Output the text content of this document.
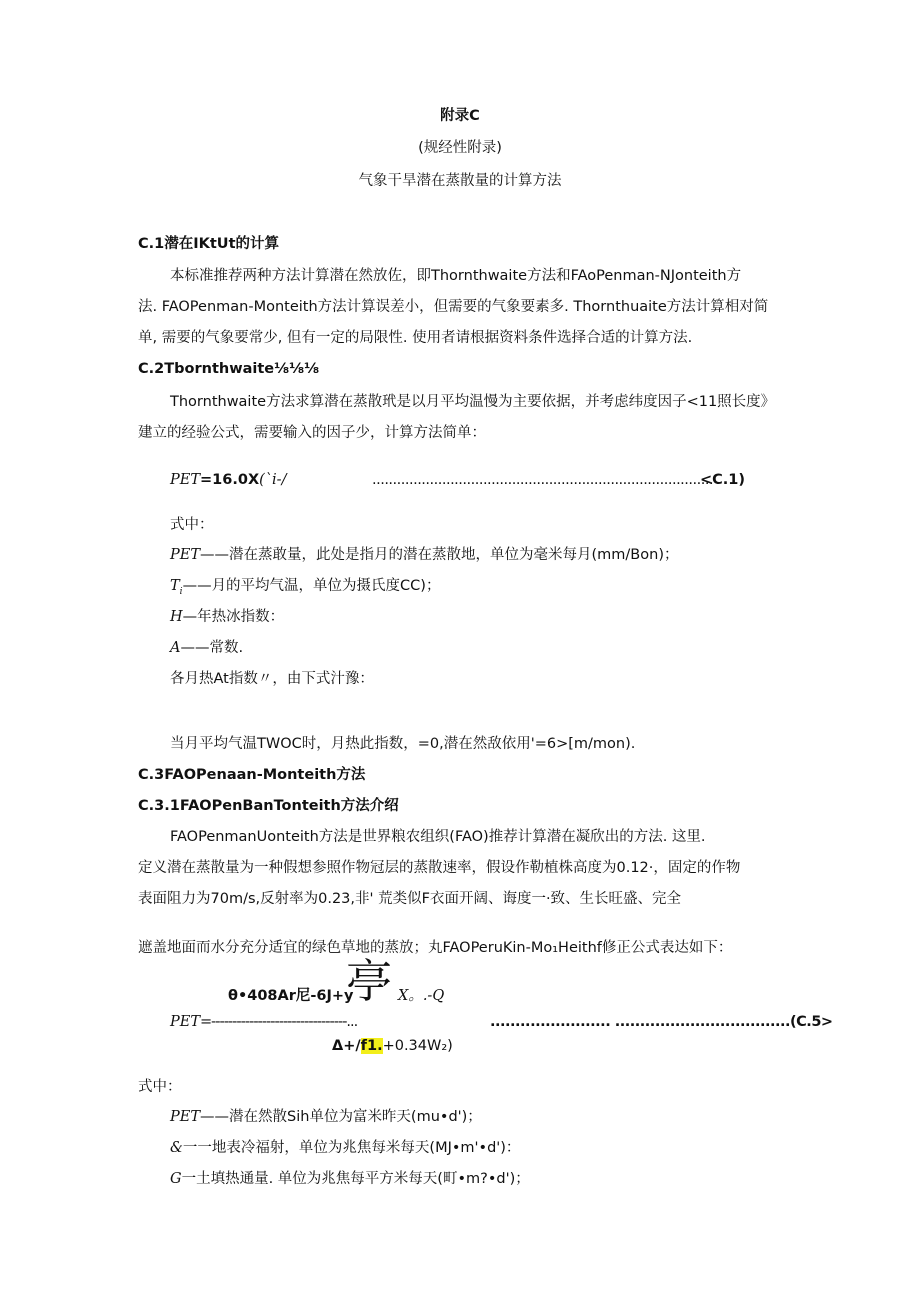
附录C
(规经性附录)
气象干旱潜在蒸散量的计算方法
C.1潜在IKtUt的计算
本标准推荐两种方法计算潜在然放佐，即Thornthwaite方法和FAoPenman-NJonteith方
法. FAOPenman-Monteith方法计算误差小，但需要的气象要素多. Thornthuaite方法计算相对简
单, 需要的气象要常少, 但有一定的局限性. 使用者请根据资料条件选择合适的计算方法.
C.2Tbornthwaite⅛⅛⅛
Thornthwaite方法求算潜在蒸散玳是以月平均温慢为主要依据，并考虑纬度因子<11照长度》
建立的经验公式，需要输入的因子少，计算方法简单：
PET=16.0X(`i-/	...................................................................................
<C.1)
式中：
PET——潜在蒸敢量，此处是指月的潜在蒸散地，单位为毫米每月(mm/Bon)；
$T_i——$月的平均气温，单位为摄氏度CC)；
H—年热冰指数：
A——常数.
各月热At指数〃，由下式汁豫：
当月平均气温TWOC时，月热此指数，=0,潜在然敌依用'=6>[m/mon).
C.3FAOPenaan-Monteith方法
C.3.1FAOPenBanTonteith方法介绍
FAOPenmanUonteith方法是世界粮农组织(FAO)推荐计算潜在凝欣出的方法. 这里.
定义潜在蒸散量为一种假想参照作物冠层的蒸散速率，假设作勒植株高度为0.12·，固定的作物
表面阻力为70m/s,反射率为0.23,非' 荒类似F衣面开阔、诲度一·致、生长旺盛、完全
遮盖地面而水分充分适宜的绿色草地的蒸放；丸FAOPeruKin-Mo₁Heithf修正公式表达如下：
θ•408Ar尼-6J+y
亭 X。.-Q
PET=
--------------------------------...	........................ ...................................(C.5>
Δ+/f1.+0.34W₂)
式中：
PET——潜在然散Sih单位为富米昨天(mu•d')；
&一一地表冷福射，单位为兆焦每米每天(MJ•m'•d')：
G一土填热通量. 单位为兆焦每平方米每天(町•m?•d')；
